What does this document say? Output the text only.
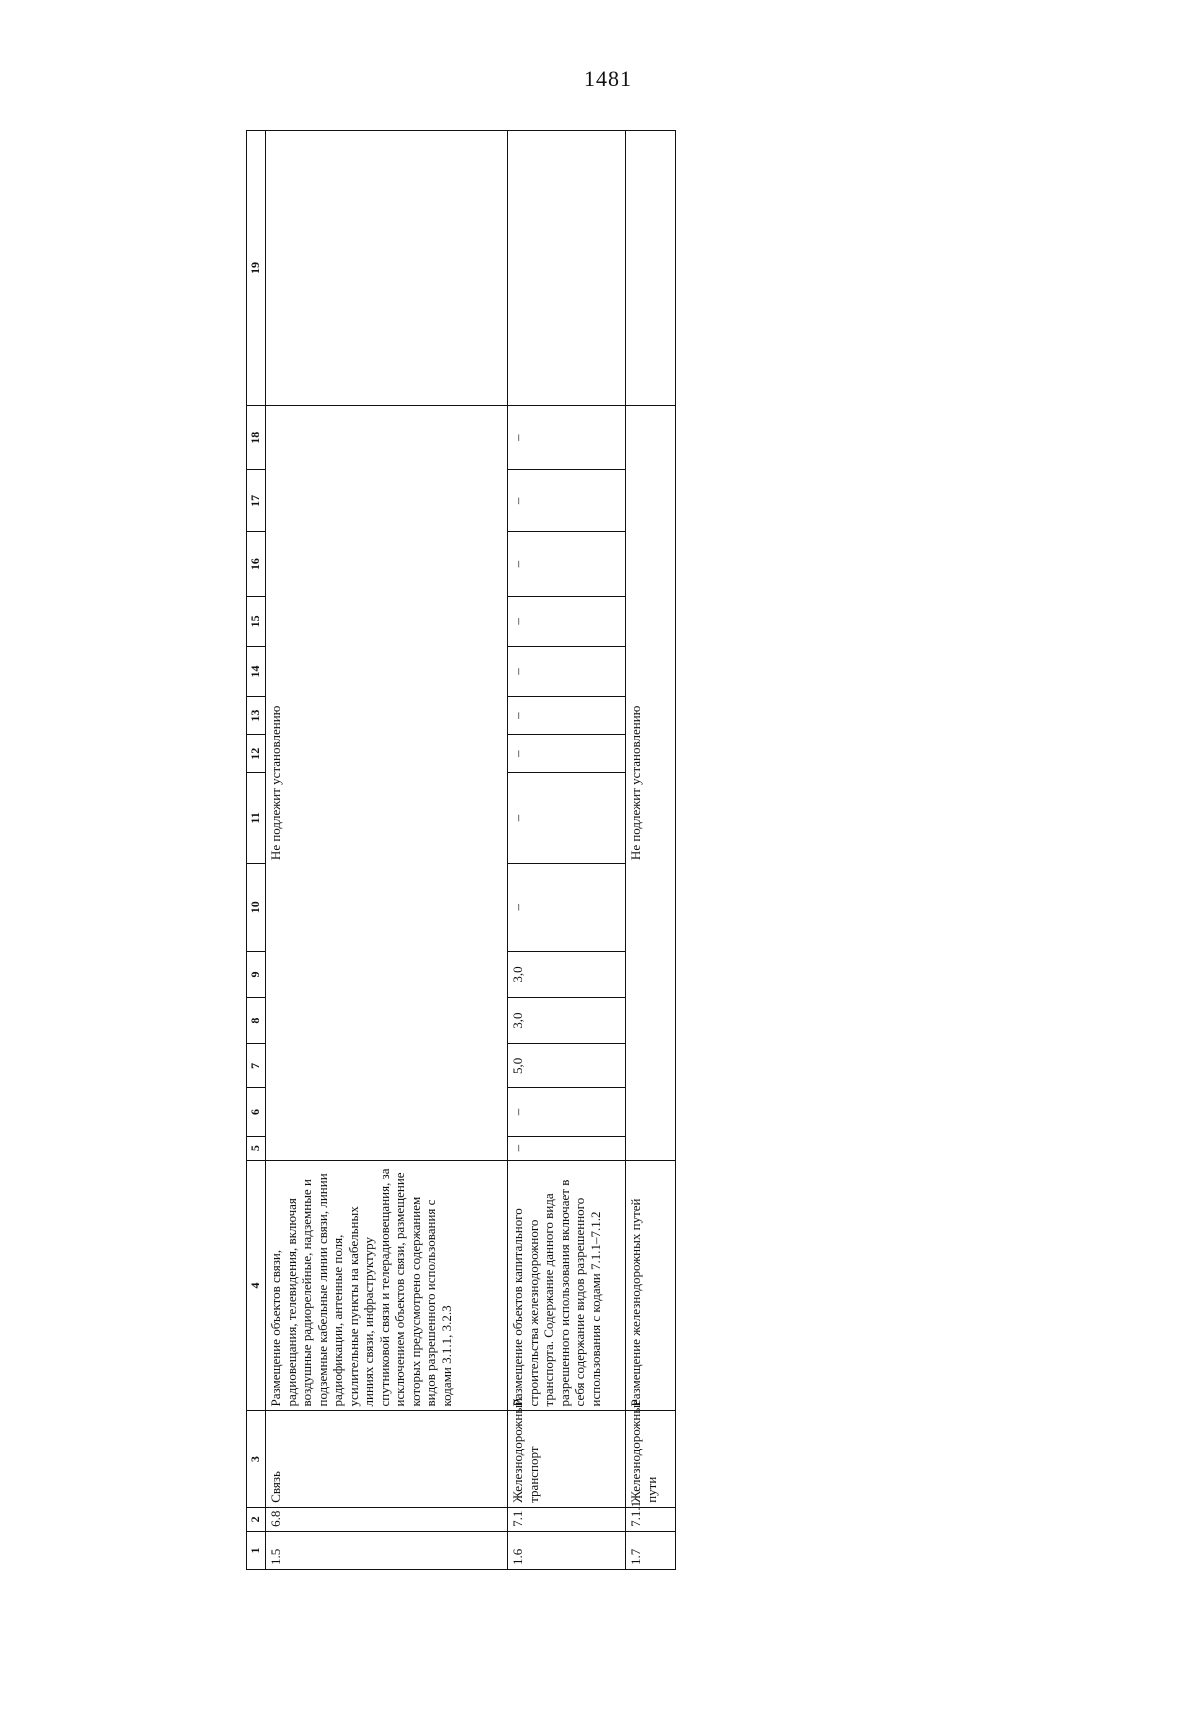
1481
1	2	3	4	5	6	7	8	9	10	11	12	13	14	15	16	17	18	19
1.5	6.8	Связь	Размещение объектов связи, радиовещания, телевидения, включая воздушные радиорелейные, надземные и подземные кабельные линии связи, линии радиофикации, антенные поля, усилительные пункты на кабельных линиях связи, инфраструктуру спутниковой связи и телерадиовещания, за исключением объектов связи, размещение которых предусмотрено содержанием видов разрешенного использования с кодами 3.1.1, 3.2.3	Не подлежит установлению														
1.6	7.1	Железнодорожный транспорт	Размещение объектов капитального строительства железнодорожного транспорта. Содержание данного вида разрешенного использования включает в себя содержание видов разрешенного использования с кодами 7.1.1–7.1.2	–	–	5,0	3,0	3,0	–	–	–	–	–	–	–	–	–	
1.7	7.1.1	Железнодорожные пути	Размещение железнодорожных путей	Не подлежит установлению														
